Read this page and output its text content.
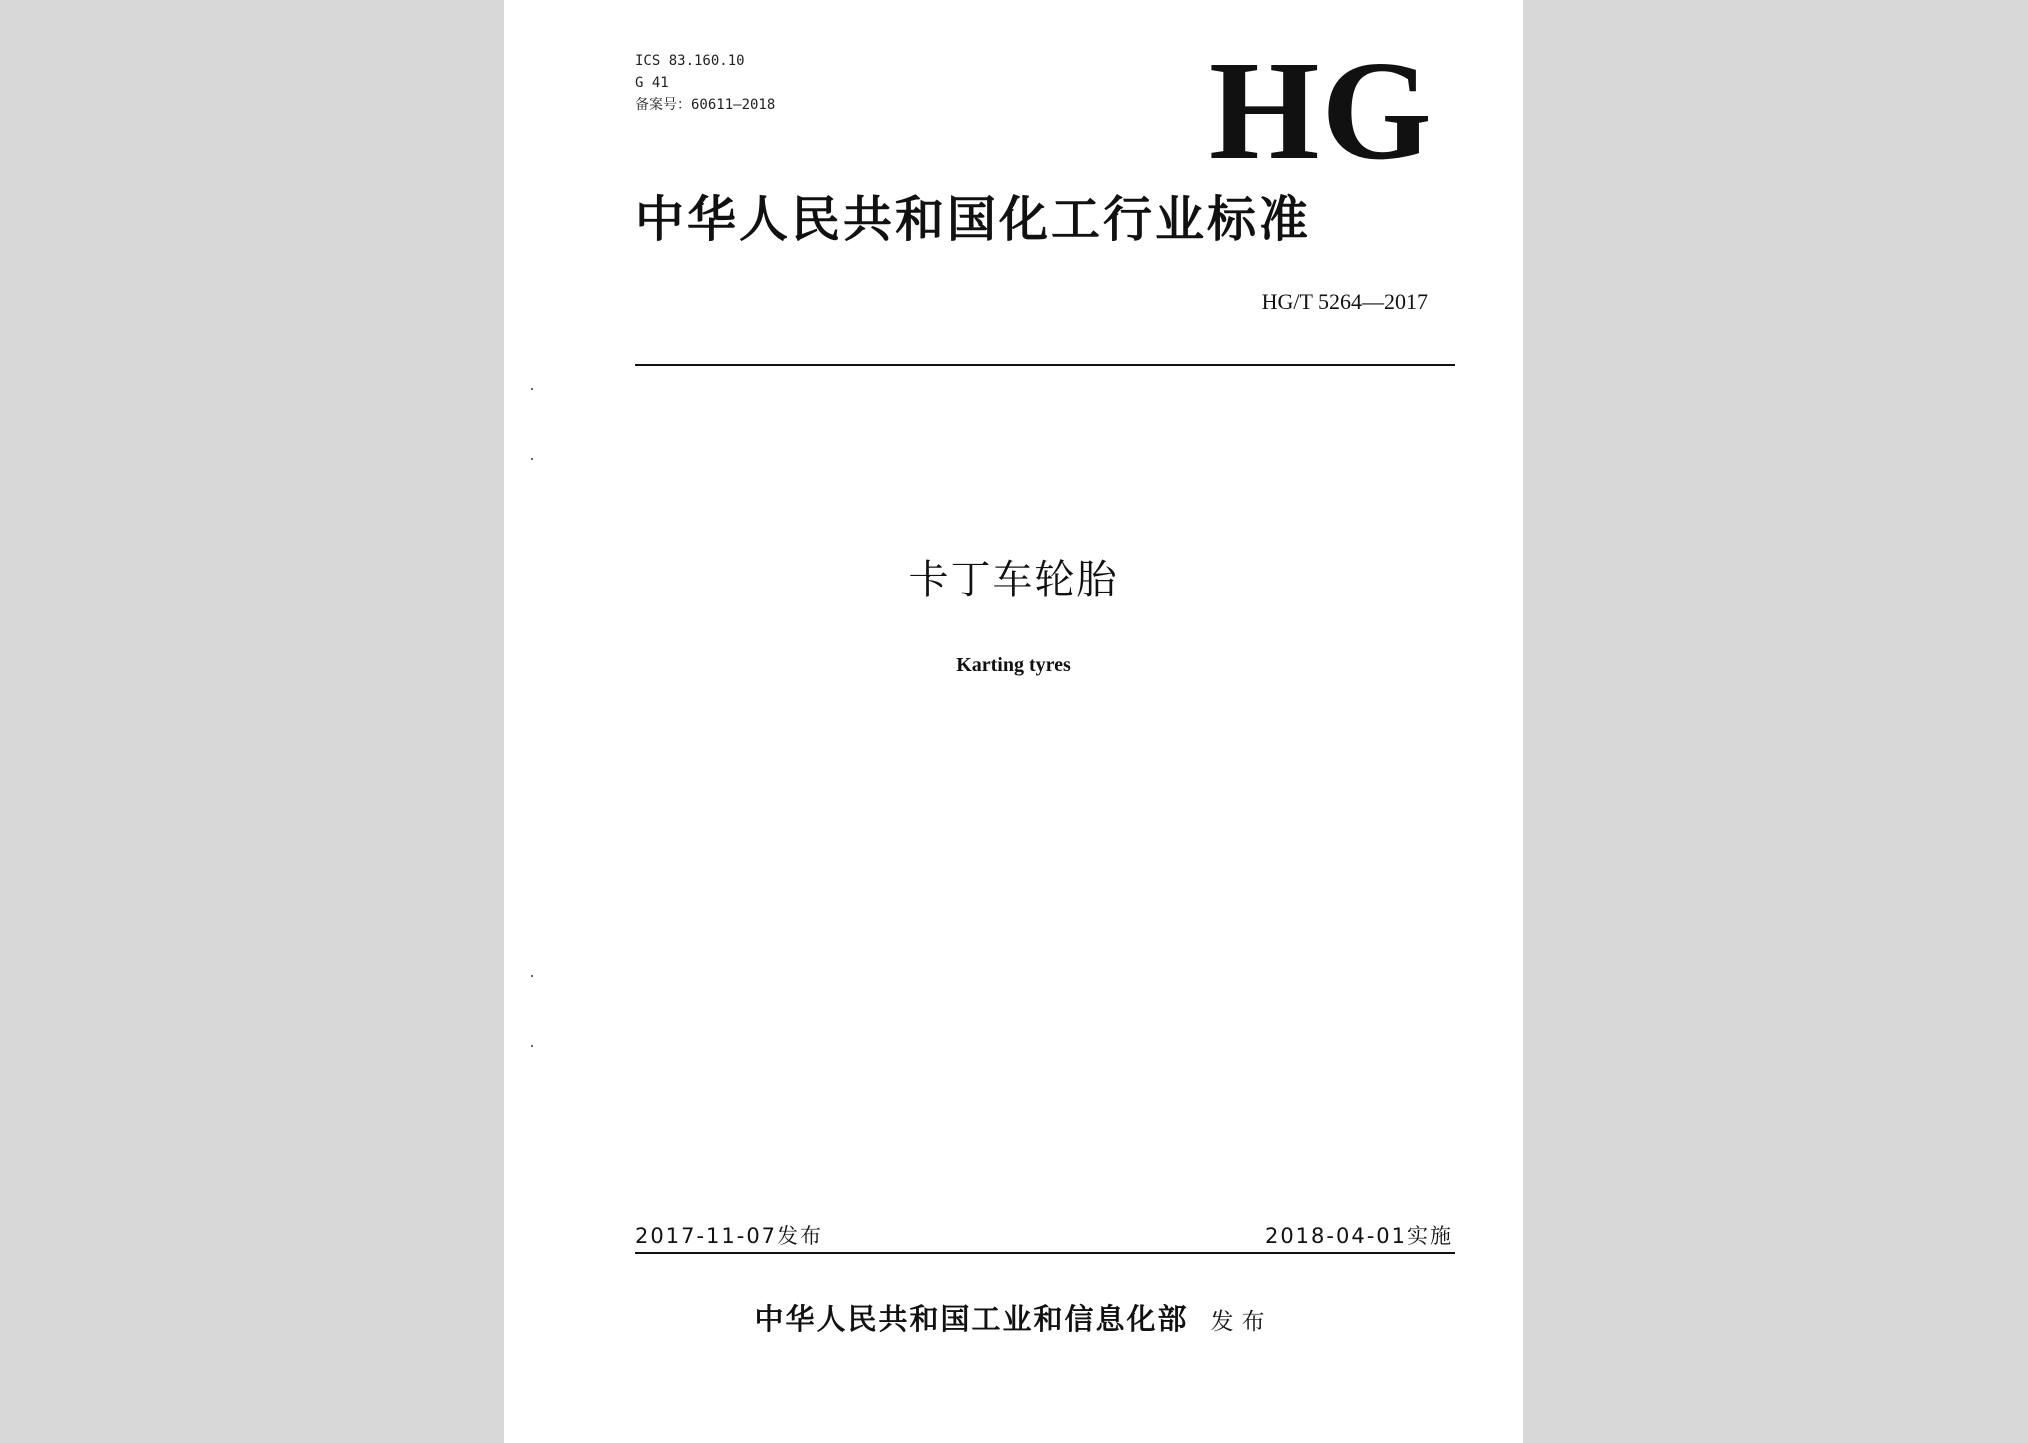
ICS 83.160.10
G 41
备案号：60611—2018	HG
中华人民共和国化工行业标准
HG/T 5264—2017
卡丁车轮胎
Karting tyres
2017-11-07发布	2018-04-01实施
中华人民共和国工业和信息化部 发布
